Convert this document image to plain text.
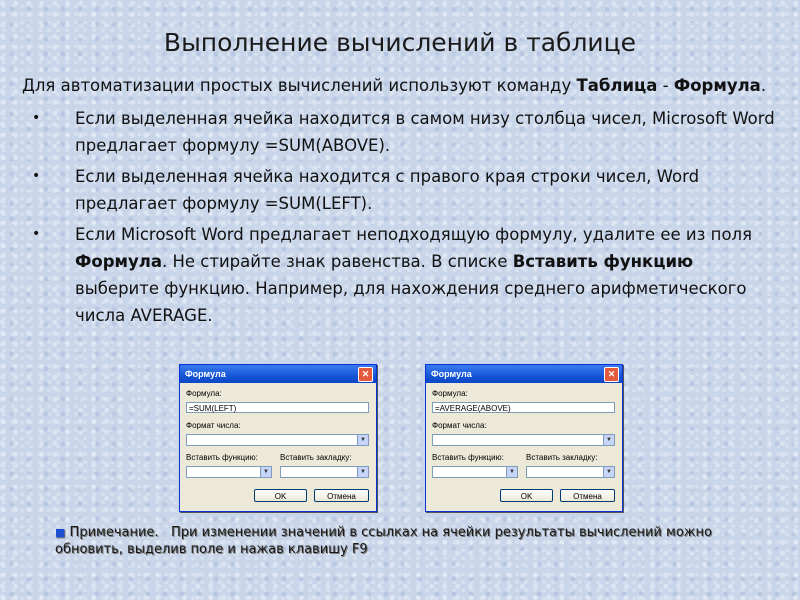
Выполнение вычислений в таблице

Для автоматизации простых вычислений используют команду Таблица - Формула.

• Если выделенная ячейка находится в самом низу столбца чисел, Microsoft Word предлагает формулу =SUM(ABOVE).

• Если выделенная ячейка находится с правого края строки чисел, Word предлагает формулу =SUM(LEFT).

• Если Microsoft Word предлагает неподходящую формулу, удалите ее из поля Формула. Не стирайте знак равенства. В списке Вставить функцию выберите функцию. Например, для нахождения среднего арифметического числа AVERAGE.

Формула	✕
Формула:
=SUM(LEFT)
Формат числа:
▼
Вставить функцию:	Вставить закладку:
▼	▼
OK	Отмена
Формула	✕
Формула:
=AVERAGE(ABOVE)
Формат числа:
▼
Вставить функцию:	Вставить закладку:
▼	▼
OK	Отмена
■ Примечание. При изменении значений в ссылках на ячейки результаты вычислений можно обновить, выделив поле и нажав клавишу F9
